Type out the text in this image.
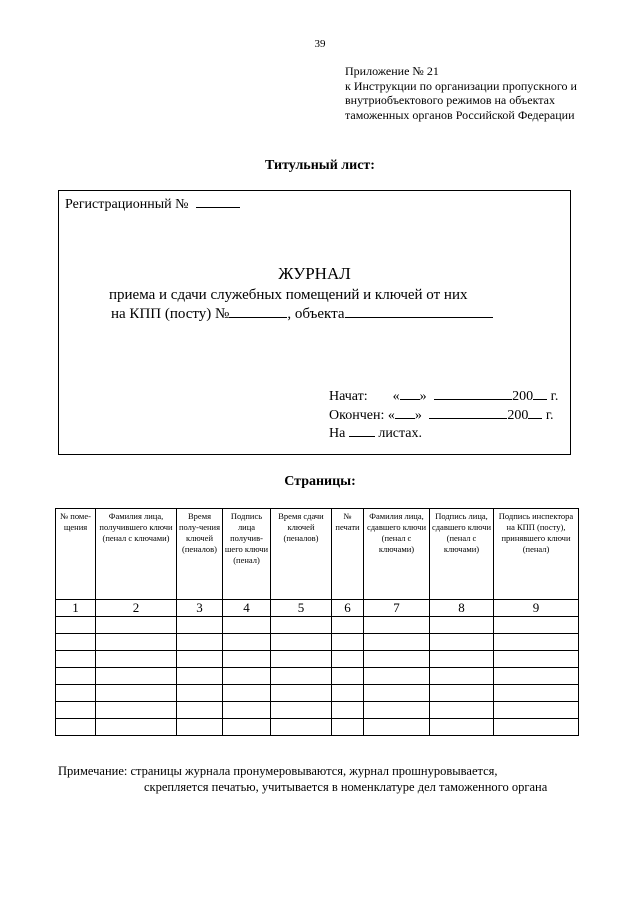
39
Приложение № 21
к Инструкции по организации пропускного и
внутриобъектового режимов на объектах
таможенных органов Российской Федерации
Титульный лист:
Регистрационный №
ЖУРНАЛ
приема и сдачи служебных помещений и ключей от них
на КПП (посту) №	, объекта
Начат: « »	200 г.
Окончен: « »	200 г.
На листах.
Страницы:
№ поме-щения	Фамилия лица, получившего ключи (пенал с ключами)	Время полу-чения ключей (пеналов)	Подпись лица получив-шего ключи (пенал)	Время сдачи ключей (пеналов)	№ печати	Фамилия лица, сдавшего ключи (пенал с ключами)	Подпись лица, сдавшего ключи (пенал с ключами)	Подпись инспектора на КПП (посту), принявшего ключи (пенал)
1	2	3	4	5	6	7	8	9

Примечание: страницы журнала пронумеровываются, журнал прошнуровывается,
скрепляется печатью, учитывается в номенклатуре дел таможенного органа
